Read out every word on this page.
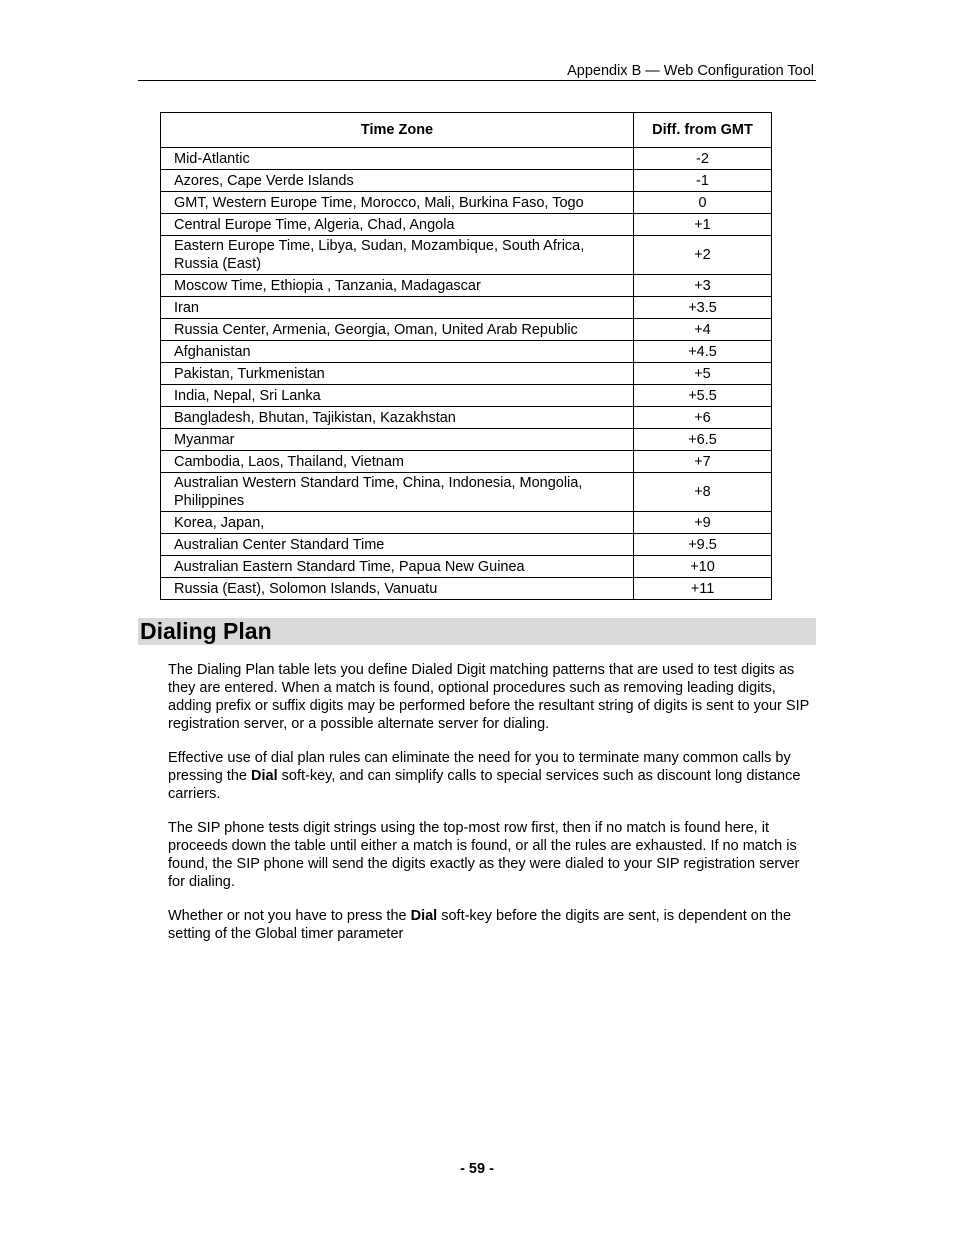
Appendix B — Web Configuration Tool
Time Zone	Diff. from GMT
Mid-Atlantic	-2
Azores, Cape Verde Islands	-1
GMT, Western Europe Time, Morocco, Mali, Burkina Faso, Togo	0
Central Europe Time, Algeria, Chad, Angola	+1
Eastern Europe Time, Libya, Sudan, Mozambique, South Africa, Russia (East)	+2
Moscow Time, Ethiopia , Tanzania, Madagascar	+3
Iran	+3.5
Russia Center, Armenia, Georgia, Oman, United Arab Republic	+4
Afghanistan	+4.5
Pakistan, Turkmenistan	+5
India, Nepal, Sri Lanka	+5.5
Bangladesh, Bhutan, Tajikistan, Kazakhstan	+6
Myanmar	+6.5
Cambodia, Laos, Thailand, Vietnam	+7
Australian Western Standard Time, China, Indonesia, Mongolia, Philippines	+8
Korea, Japan,	+9
Australian Center Standard Time	+9.5
Australian Eastern Standard Time, Papua New Guinea	+10
Russia (East), Solomon Islands, Vanuatu	+11
Dialing Plan

The Dialing Plan table lets you define Dialed Digit matching patterns that are used to test digits as they are entered. When a match is found, optional procedures such as removing leading digits, adding prefix or suffix digits may be performed before the resultant string of digits is sent to your SIP registration server, or a possible alternate server for dialing.

Effective use of dial plan rules can eliminate the need for you to terminate many common calls by pressing the Dial soft-key, and can simplify calls to special services such as discount long distance carriers.

The SIP phone tests digit strings using the top-most row first, then if no match is found here, it proceeds down the table until either a match is found, or all the rules are exhausted. If no match is found, the SIP phone will send the digits exactly as they were dialed to your SIP registration server for dialing.

Whether or not you have to press the Dial soft-key before the digits are sent, is dependent on the setting of the Global timer parameter

- 59 -
